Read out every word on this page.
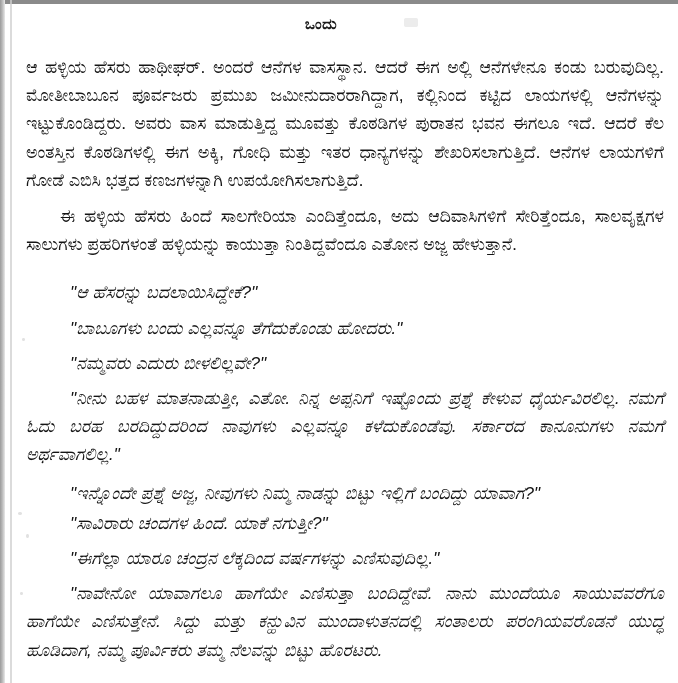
ಒಂದು

ಆ ಹಳ್ಳಿಯ ಹೆಸರು ಹಾಥೀಘರ್. ಅಂದರೆ ಆನೆಗಳ ವಾಸಸ್ಥಾನ. ಆದರೆ ಈಗ ಅಲ್ಲಿ ಆನೆಗಳೇನೂ ಕಂಡು ಬರುವುದಿಲ್ಲ. ಮೋತೀಬಾಬೂನ ಪೂರ್ವಜರು ಪ್ರಮುಖ ಜಮೀನುದಾರರಾಗಿದ್ದಾಗ, ಕಲ್ಲಿನಿಂದ ಕಟ್ಟಿದ ಲಾಯಗಳಲ್ಲಿ ಆನೆಗಳನ್ನು ಇಟ್ಟುಕೊಂಡಿದ್ದರು. ಅವರು ವಾಸ ಮಾಡುತ್ತಿದ್ದ ಮೂವತ್ತು ಕೊಠಡಿಗಳ ಪುರಾತನ ಭವನ ಈಗಲೂ ಇದೆ. ಆದರೆ ಕೆಲ ಅಂತಸ್ತಿನ ಕೊಠಡಿಗಳಲ್ಲಿ ಈಗ ಅಕ್ಕಿ, ಗೋಧಿ ಮತ್ತು ಇತರ ಧಾನ್ಯಗಳನ್ನು ಶೇಖರಿಸಲಾಗುತ್ತಿದೆ. ಆನೆಗಳ ಲಾಯಗಳಿಗೆ ಗೋಡೆ ಎಬಿಸಿ ಭತ್ತದ ಕಣಜಗಳನ್ನಾಗಿ ಉಪಯೋಗಿಸಲಾಗುತ್ತಿದೆ.

ಈ ಹಳ್ಳಿಯ ಹೆಸರು ಹಿಂದೆ ಸಾಲಗೇರಿಯಾ ಎಂದಿತ್ತೆಂದೂ, ಅದು ಆದಿವಾಸಿಗಳಿಗೆ ಸೇರಿತ್ತೆಂದೂ, ಸಾಲವೃಕ್ಷಗಳ ಸಾಲುಗಳು ಪ್ರಹರಿಗಳಂತೆ ಹಳ್ಳಿಯನ್ನು ಕಾಯುತ್ತಾ ನಿಂತಿದ್ದವೆಂದೂ ಎತೋನ ಅಜ್ಜ ಹೇಳುತ್ತಾನೆ.

"ಆ ಹೆಸರನ್ನು ಬದಲಾಯಿಸಿದ್ದೇಕೆ?"

"ಬಾಬೂಗಳು ಬಂದು ಎಲ್ಲವನ್ನೂ ತೆಗೆದುಕೊಂಡು ಹೋದರು."

"ನಮ್ಮವರು ಎದುರು ಬೀಳಲಿಲ್ಲವೇ?"

"ನೀನು ಬಹಳ ಮಾತನಾಡುತ್ತೀ, ಎತೋ. ನಿನ್ನ ಅಪ್ಪನಿಗೆ ಇಷ್ಟೊಂದು ಪ್ರಶ್ನೆ ಕೇಳುವ ಧೈರ್ಯವಿರಲಿಲ್ಲ. ನಮಗೆ ಓದು ಬರಹ ಬರದಿದ್ದುದರಿಂದ ನಾವುಗಳು ಎಲ್ಲವನ್ನೂ ಕಳೆದುಕೊಂಡೆವು. ಸರ್ಕಾರದ ಕಾನೂನುಗಳು ನಮಗೆ ಅರ್ಥವಾಗಲಿಲ್ಲ."

"ಇನ್ನೊಂದೇ ಪ್ರಶ್ನೆ ಅಜ್ಜ, ನೀವುಗಳು ನಿಮ್ಮ ನಾಡನ್ನು ಬಿಟ್ಟು ಇಲ್ಲಿಗೆ ಬಂದಿದ್ದು ಯಾವಾಗ?"

"ಸಾವಿರಾರು ಚಂದಗಳ ಹಿಂದೆ. ಯಾಕೆ ನಗುತ್ತೀ?"

"ಈಗೆಲ್ಲಾ ಯಾರೂ ಚಂದ್ರನ ಲೆಕ್ಕದಿಂದ ವರ್ಷಗಳನ್ನು ಎಣಿಸುವುದಿಲ್ಲ."

"ನಾವೇನೋ ಯಾವಾಗಲೂ ಹಾಗೆಯೇ ಎಣಿಸುತ್ತಾ ಬಂದಿದ್ದೇವೆ. ನಾನು ಮುಂದೆಯೂ ಸಾಯುವವರೆಗೂ ಹಾಗೆಯೇ ಎಣಿಸುತ್ತೇನೆ. ಸಿದ್ದು ಮತ್ತು ಕನ್ಹುವಿನ ಮುಂದಾಳುತನದಲ್ಲಿ ಸಂತಾಲರು ಪರಂಗಿಯವರೊಡನೆ ಯುದ್ಧ ಹೂಡಿದಾಗ, ನಮ್ಮ ಪೂರ್ವಿಕರು ತಮ್ಮ ನೆಲವನ್ನು ಬಿಟ್ಟು ಹೊರಟರು.
